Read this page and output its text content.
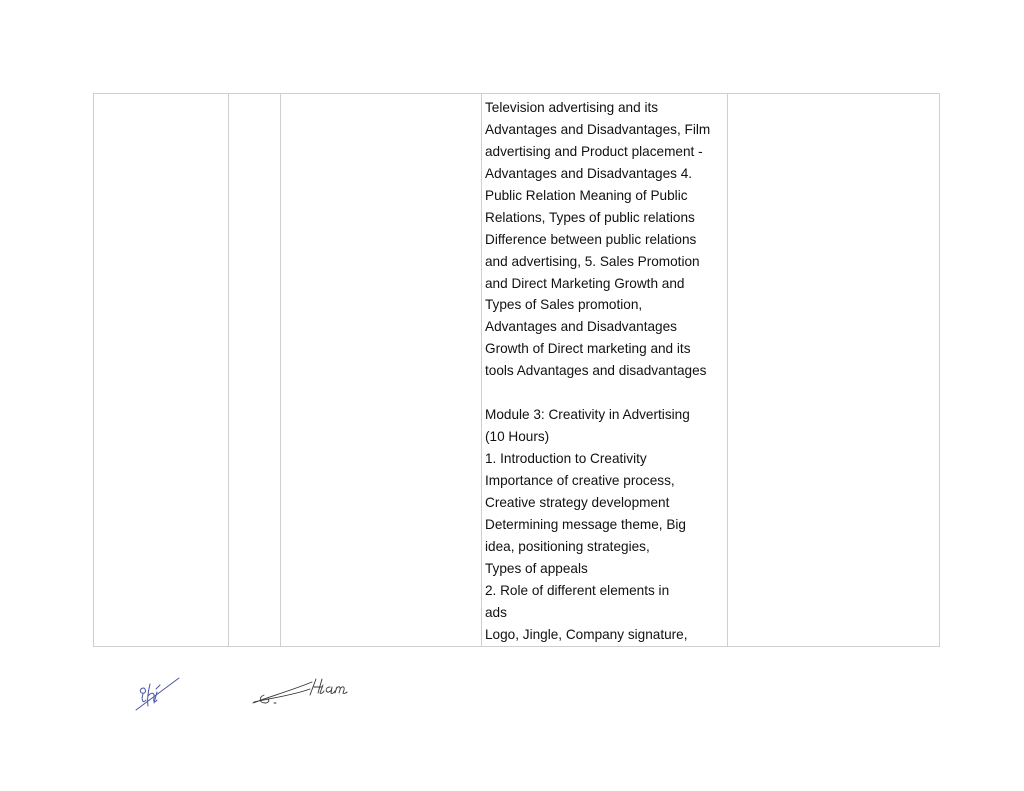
Television advertising and its
Advantages and Disadvantages, Film
advertising and Product placement -
Advantages and Disadvantages 4.
Public Relation Meaning of Public
Relations, Types of public relations
Difference between public relations
and advertising, 5. Sales Promotion
and Direct Marketing Growth and
Types of Sales promotion,
Advantages and Disadvantages
Growth of Direct marketing and its
tools Advantages and disadvantages
Module 3: Creativity in Advertising
(10 Hours)
1. Introduction to Creativity
Importance of creative process,
Creative strategy development
Determining message theme, Big
idea, positioning strategies,
Types of appeals
2. Role of different elements in
ads
Logo, Jingle, Company signature,
